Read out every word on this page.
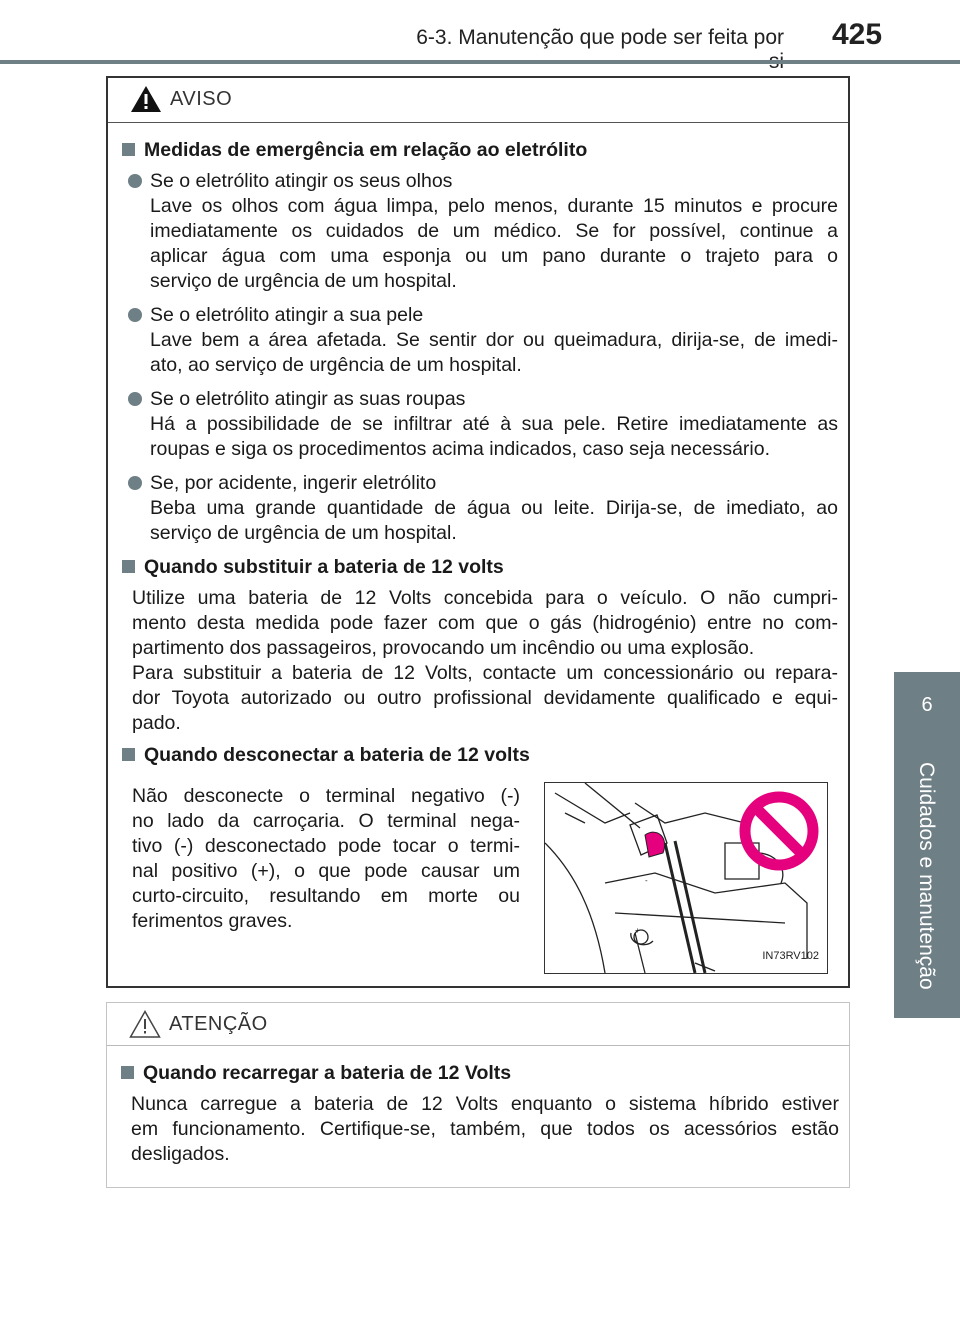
6-3. Manutenção que pode ser feita por 425
6
Cuidados e manutenção
AVISO
Medidas de emergência em relação ao eletrólito
Se o eletrólito atingir os seus olhos
Lave os olhos com água limpa, pelo menos, durante 15 minutos e procure
imediatamente os cuidados de um médico. Se for possível, continue a
aplicar água com uma esponja ou um pano durante o trajeto para o
serviço de urgência de um hospital.
Se o eletrólito atingir a sua pele
Lave bem a área afetada. Se sentir dor ou queimadura, dirija-se, de imedi-
ato, ao serviço de urgência de um hospital.
Se o eletrólito atingir as suas roupas
Há a possibilidade de se infiltrar até à sua pele. Retire imediatamente as
roupas e siga os procedimentos acima indicados, caso seja necessário.
Se, por acidente, ingerir eletrólito
Beba uma grande quantidade de água ou leite. Dirija-se, de imediato, ao
serviço de urgência de um hospital.
Quando substituir a bateria de 12 volts
Utilize uma bateria de 12 Volts concebida para o veículo. O não cumpri-
mento desta medida pode fazer com que o gás (hidrogénio) entre no com-
partimento dos passageiros, provocando um incêndio ou uma explosão.
Para substituir a bateria de 12 Volts, contacte um concessionário ou repara-
dor Toyota autorizado ou outro profissional devidamente qualificado e equi-
pado.
Quando desconectar a bateria de 12 volts
Não desconecte o terminal negativo (-)
no lado da carroçaria. O terminal nega-
tivo (-) desconectado pode tocar o termi-
nal positivo (+), o que pode causar um
curto-circuito, resultando em morte ou
ferimentos graves.
-
+
IN73RV102
ATENÇÃO
Quando recarregar a bateria de 12 Volts
Nunca carregue a bateria de 12 Volts enquanto o sistema híbrido estiver
em funcionamento. Certifique-se, também, que todos os acessórios estão
desligados.
